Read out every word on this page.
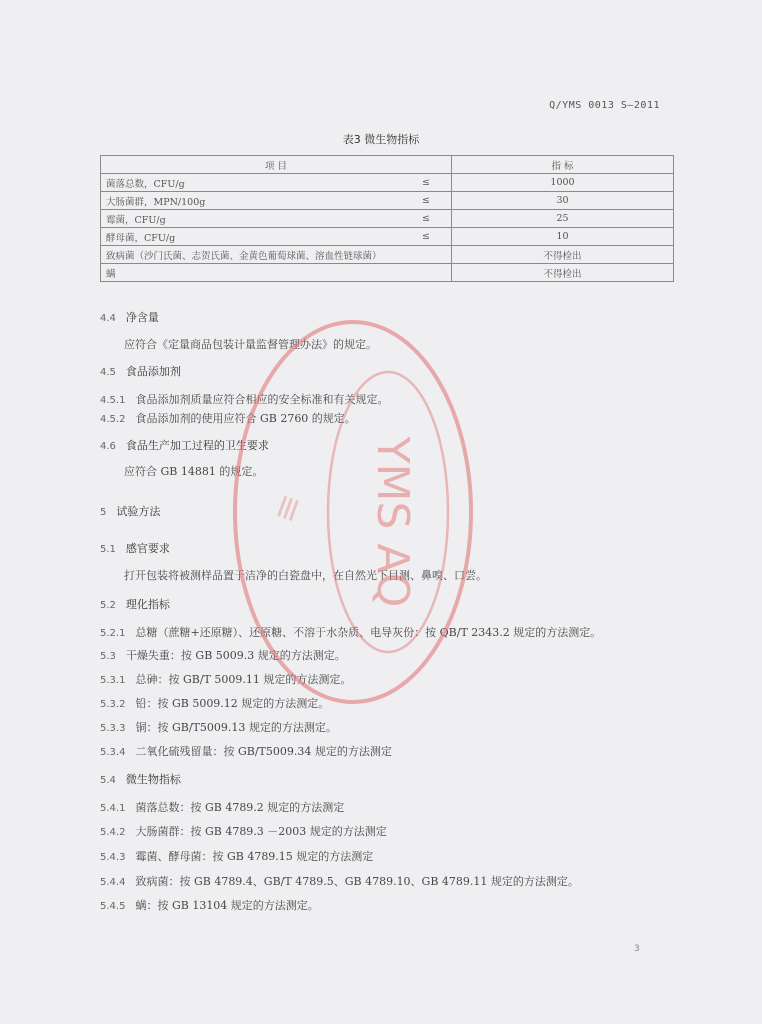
Q/YMS 0013 S—2011
表3 微生物指标
项 目		指 标
菌落总数，CFU/g	≤	1000
大肠菌群，MPN/100g	≤	30
霉菌，CFU/g	≤	25
酵母菌，CFU/g	≤	10
致病菌（沙门氏菌、志贺氏菌、金黄色葡萄球菌、溶血性链球菌）		不得检出
螨		不得检出
4.4 净含量
应符合《定量商品包装计量监督管理办法》的规定。
4.5 食品添加剂
4.5.1 食品添加剂质量应符合相应的安全标准和有关规定。
4.5.2 食品添加剂的使用应符合 GB 2760 的规定。
4.6 食品生产加工过程的卫生要求
应符合 GB 14881 的规定。
5 试验方法
5.1 感官要求
打开包装将被测样品置于洁净的白瓷盘中，在自然光下目测、鼻嗅、口尝。
5.2 理化指标
5.2.1 总糖（蔗糖+还原糖）、还原糖、不溶于水杂质、电导灰份：按 QB/T 2343.2 规定的方法测定。
5.3 干燥失重：按 GB 5009.3 规定的方法测定。
5.3.1 总砷：按 GB/T 5009.11 规定的方法测定。
5.3.2 铅：按 GB 5009.12 规定的方法测定。
5.3.3 铜：按 GB/T5009.13 规定的方法测定。
5.3.4 二氧化硫残留量：按 GB/T5009.34 规定的方法测定
5.4 微生物指标
5.4.1 菌落总数：按 GB 4789.2 规定的方法测定
5.4.2 大肠菌群：按 GB 4789.3 －2003 规定的方法测定
5.4.3 霉菌、酵母菌：按 GB 4789.15 规定的方法测定
5.4.4 致病菌：按 GB 4789.4、GB/T 4789.5、GB 4789.10、GB 4789.11 规定的方法测定。
5.4.5 螨：按 GB 13104 规定的方法测定。
YMS AQ
≡
3
